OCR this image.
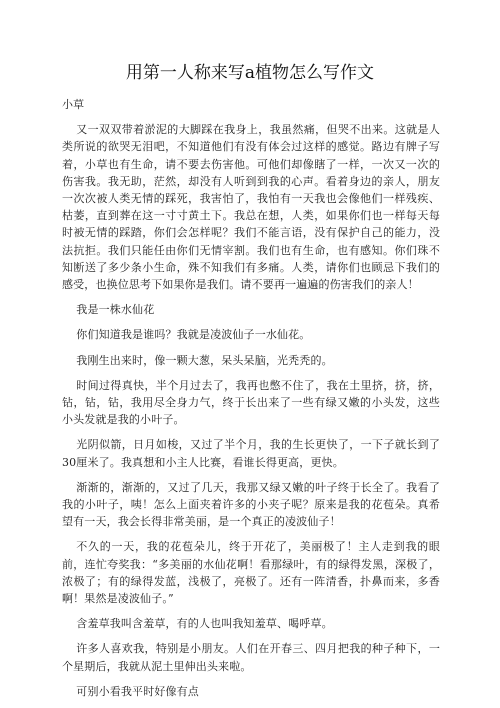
用第一人称来写a植物怎么写作文

小草

又一双双带着淤泥的大脚踩在我身上，我虽然痛，但哭不出来。这就是人类所说的欲哭无泪吧，不知道他们有没有体会过这样的感觉。路边有牌子写着，小草也有生命，请不要去伤害他。可他们却像瞎了一样，一次又一次的伤害我。我无助，茫然，却没有人听到到我的心声。看着身边的亲人，朋友一次次被人类无情的踩死，我害怕了，我怕有一天我也会像他们一样残疾、枯萎，直到葬在这一寸寸黄土下。我总在想，人类，如果你们也一样每天每时被无情的踩踏，你们会怎样呢？我们不能言语，没有保护自己的能力，没法抗拒。我们只能任由你们无情宰割。我们也有生命，也有感知。你们珠不知断送了多少条小生命，殊不知我们有多痛。人类，请你们也顾忌下我们的感受，也换位思考下如果你是我们。请不要再一遍遍的伤害我们的亲人！

我是一株水仙花

你们知道我是谁吗？我就是凌波仙子一水仙花。

我刚生出来时，像一颗大葱，呆头呆脑，光秃秃的。

时间过得真快，半个月过去了，我再也憋不住了，我在土里挤，挤，挤，钻，钻，钻，我用尽全身力气，终于长出来了一些有绿又嫩的小头发，这些小头发就是我的小叶子。

光阴似箭，日月如梭，又过了半个月，我的生长更快了，一下子就长到了　　30厘米了。我真想和小主人比赛，看谁长得更高，更快。

渐渐的，渐渐的，又过了几天，我那又绿又嫩的叶子终于长全了。我看了我的小叶子，咦！怎么上面夹着许多的小夹子呢？原来是我的花苞朵。真希望有一天，我会长得非常美丽，是一个真正的凌波仙子！

不久的一天，我的花苞朵儿，终于开花了，美丽极了！主人走到我的眼前，连忙夸奖我：“多美丽的水仙花啊！看那绿叶，有的绿得发黑，深极了，浓极了；有的绿得发蓝，浅极了，亮极了。还有一阵清香，扑鼻而来，多香啊！果然是凌波仙子。”

含羞草我叫含羞草，有的人也叫我知羞草、喝呼草。

许多人喜欢我，特别是小朋友。人们在开春三、四月把我的种子种下，一个星期后，我就从泥土里伸出头来啦。

可别小看我平时好像有点
